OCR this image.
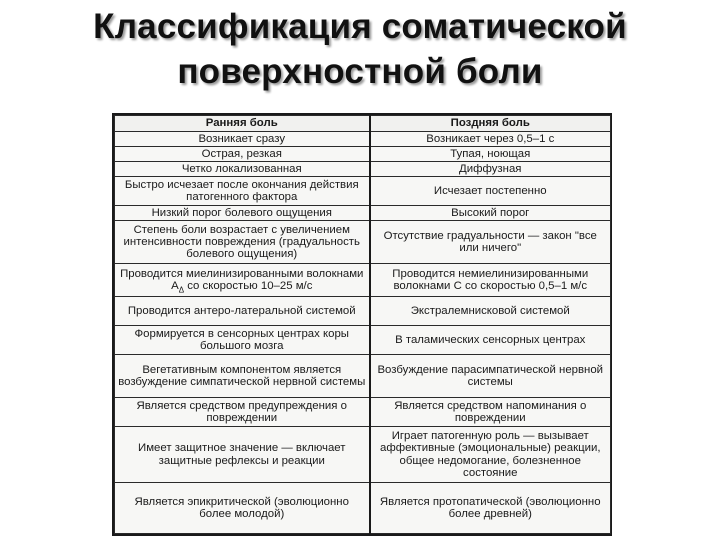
Классификация соматической
поверхностной боли
Ранняя боль	Поздняя боль
Возникает сразу	Возникает через 0,5–1 с
Острая, резкая	Тупая, ноющая
Четко локализованная	Диффузная
Быстро исчезает после окончания действия патогенного фактора	Исчезает постепенно
Низкий порог болевого ощущения	Высокий порог
Степень боли возрастает с увеличением интенсивности повреждения (градуальность болевого ощущения)	Отсутствие градуальности — закон "все или ничего"
Проводится миелинизированными волокнами $A_\Delta$ со скоростью 10–25 м/с	Проводится немиелинизированными волокнами C со скоростью 0,5–1 м/с
Проводится антеро-латеральной системой	Экстралемнисковой системой
Формируется в сенсорных центрах коры большого мозга	В таламических сенсорных центрах
Вегетативным компонентом является возбуждение симпатической нервной системы	Возбуждение парасимпатической нервной системы
Является средством предупреждения о повреждении	Является средством напоминания о повреждении
Имеет защитное значение — включает защитные рефлексы и реакции	Играет патогенную роль — вызывает аффективные (эмоциональные) реакции, общее недомогание, болезненное состояние
Является эпикритической (эволюционно более молодой)	Является протопатической (эволюционно более древней)
